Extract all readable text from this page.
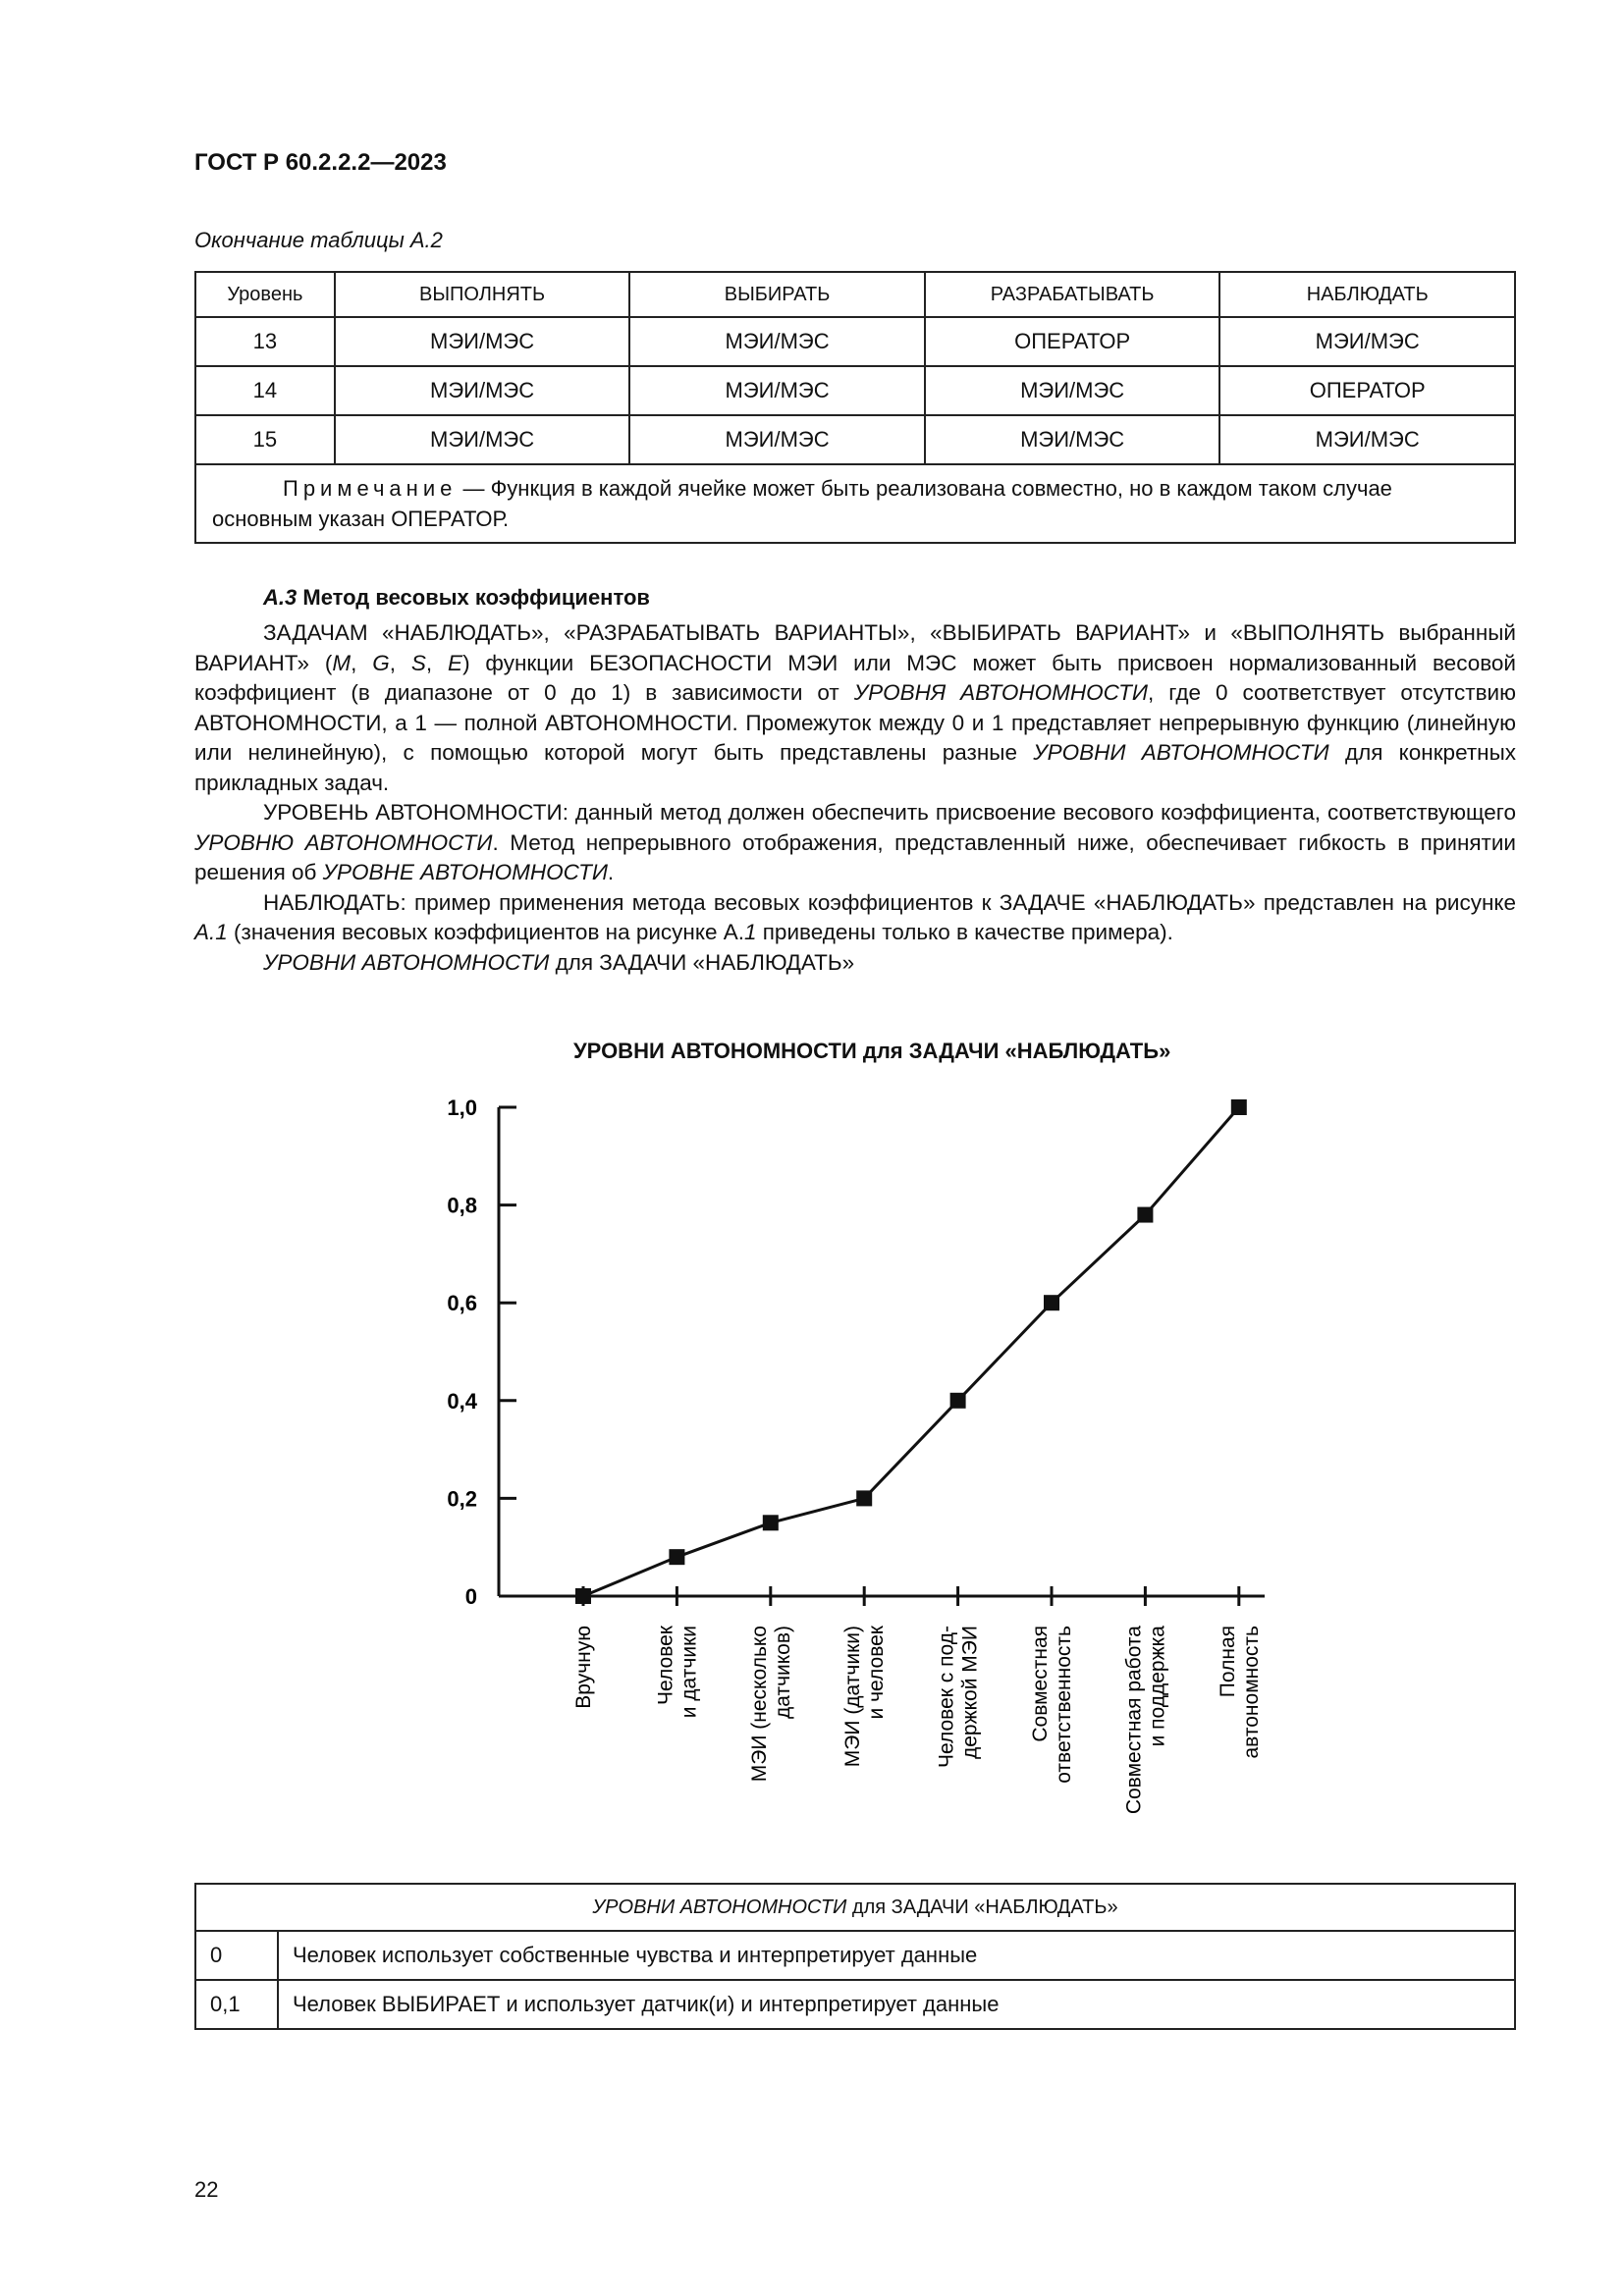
ГОСТ Р 60.2.2.2—2023
Окончание таблицы А.2
Уровень	ВЫПОЛНЯТЬ	ВЫБИРАТЬ	РАЗРАБАТЫВАТЬ	НАБЛЮДАТЬ
13	МЭИ/МЭС	МЭИ/МЭС	ОПЕРАТОР	МЭИ/МЭС
14	МЭИ/МЭС	МЭИ/МЭС	МЭИ/МЭС	ОПЕРАТОР
15	МЭИ/МЭС	МЭИ/МЭС	МЭИ/МЭС	МЭИ/МЭС
Примечание — Функция в каждой ячейке может быть реализована совместно, но в каждом таком случае основным указан ОПЕРАТОР.				
А.3 Метод весовых коэффициентов

ЗАДАЧАМ «НАБЛЮДАТЬ», «РАЗРАБАТЫВАТЬ ВАРИАНТЫ», «ВЫБИРАТЬ ВАРИАНТ» и «ВЫПОЛНЯТЬ выбранный ВАРИАНТ» (M, G, S, E) функции БЕЗОПАСНОСТИ МЭИ или МЭС может быть присвоен нормализованный весовой коэффициент (в диапазоне от 0 до 1) в зависимости от УРОВНЯ АВТОНОМНОСТИ, где 0 соответствует отсутствию АВТОНОМНОСТИ, а 1 — полной АВТОНОМНОСТИ. Промежуток между 0 и 1 представляет непрерывную функцию (линейную или нелинейную), с помощью которой могут быть представлены разные УРОВНИ АВТОНОМНОСТИ для конкретных прикладных задач.

УРОВЕНЬ АВТОНОМНОСТИ: данный метод должен обеспечить присвоение весового коэффициента, соответствующего УРОВНЮ АВТОНОМНОСТИ. Метод непрерывного отображения, представленный ниже, обеспечивает гибкость в принятии решения об УРОВНЕ АВТОНОМНОСТИ.

НАБЛЮДАТЬ: пример применения метода весовых коэффициентов к ЗАДАЧЕ «НАБЛЮДАТЬ» представлен на рисунке А.1 (значения весовых коэффициентов на рисунке А.1 приведены только в качестве примера).

УРОВНИ АВТОНОМНОСТИ для ЗАДАЧИ «НАБЛЮДАТЬ»

УРОВНИ АВТОНОМНОСТИ для ЗАДАЧИ «НАБЛЮДАТЬ»
0
0,2
0,4
0,6
0,8
1,0
Вручную	Человек и датчики МЭИ (несколько датчиков) МЭИ (датчики) и человек Человек с под- держкой МЭИ Совместная ответственность Совместная работа и поддержка Полная автономность
УРОВНИ АВТОНОМНОСТИ для ЗАДАЧИ «НАБЛЮДАТЬ»	
0	Человек использует собственные чувства и интерпретирует данные
0,1	Человек ВЫБИРАЕТ и использует датчик(и) и интерпретирует данные
22
